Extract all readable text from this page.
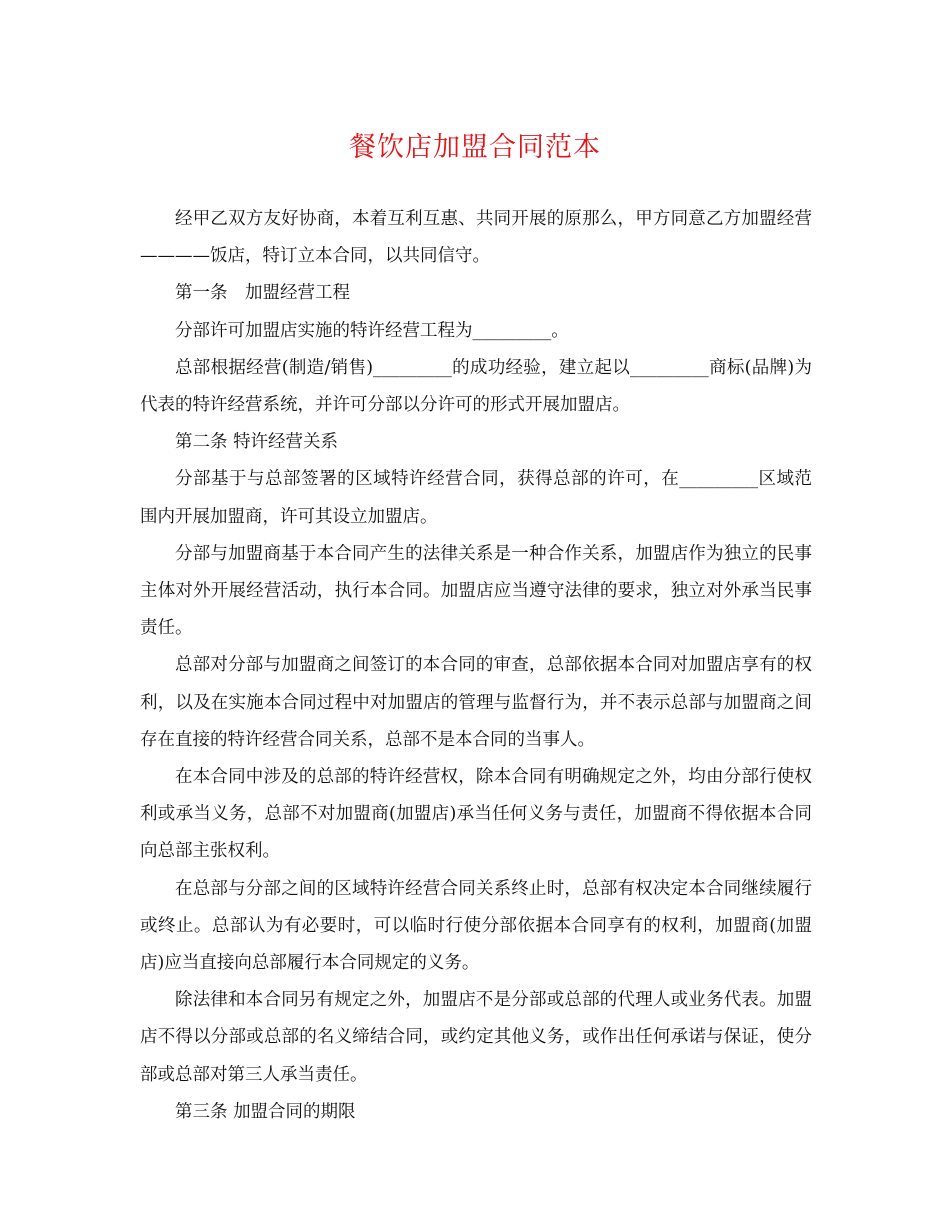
餐饮店加盟合同范本

经甲乙双方友好协商，本着互利互惠、共同开展的原那么，甲方同意乙方加盟经营————饭店，特订立本合同，以共同信守。

第一条　加盟经营工程

分部许可加盟店实施的特许经营工程为_________。

总部根据经营(制造/销售)_________的成功经验，建立起以_________商标(品牌)为代表的特许经营系统，并许可分部以分许可的形式开展加盟店。

第二条 特许经营关系

分部基于与总部签署的区域特许经营合同，获得总部的许可，在_________区域范围内开展加盟商，许可其设立加盟店。

分部与加盟商基于本合同产生的法律关系是一种合作关系，加盟店作为独立的民事主体对外开展经营活动，执行本合同。加盟店应当遵守法律的要求，独立对外承当民事责任。

总部对分部与加盟商之间签订的本合同的审查，总部依据本合同对加盟店享有的权利，以及在实施本合同过程中对加盟店的管理与监督行为，并不表示总部与加盟商之间存在直接的特许经营合同关系，总部不是本合同的当事人。

在本合同中涉及的总部的特许经营权，除本合同有明确规定之外，均由分部行使权利或承当义务，总部不对加盟商(加盟店)承当任何义务与责任，加盟商不得依据本合同向总部主张权利。

在总部与分部之间的区域特许经营合同关系终止时，总部有权决定本合同继续履行或终止。总部认为有必要时，可以临时行使分部依据本合同享有的权利，加盟商(加盟店)应当直接向总部履行本合同规定的义务。

除法律和本合同另有规定之外，加盟店不是分部或总部的代理人或业务代表。加盟店不得以分部或总部的名义缔结合同，或约定其他义务，或作出任何承诺与保证，使分部或总部对第三人承当责任。

第三条 加盟合同的期限
